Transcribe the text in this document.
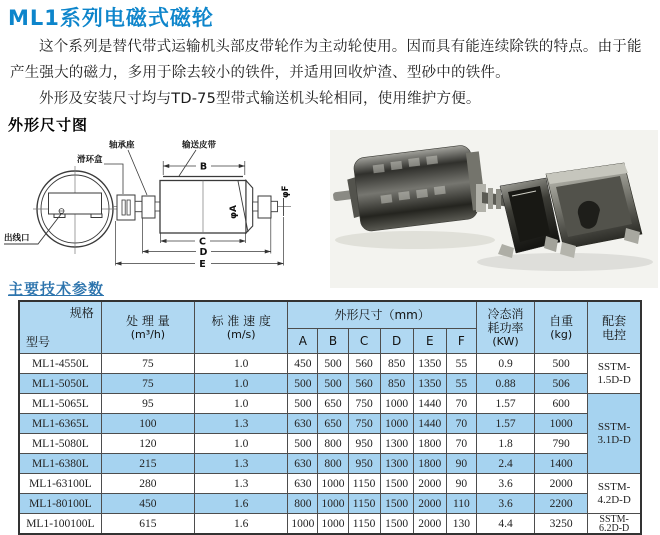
ML1系列电磁式磁轮

这个系列是替代带式运输机头部皮带轮作为主动轮使用。因而具有能连续除铁的特点。由于能产生强大的磁力，多用于除去较小的铁件，并适用回收炉渣、型砂中的铁件。

外形及安装尺寸均与TD-75型带式输送机头轮相同，使用维护方便。

外形尺寸图
出线口
滑环盒
轴承座	输送皮带
B
C
D
E
φA
φF
主要技术参数
规格
型号

处 理 量
(m³/h)

标 准 速 度
(m/s)
	外形尺寸（mm）	冷态消
耗功率
(KW)

自重
(kg)

配套
电控

			A	B	C	D	E	F			
ML1-4550L	75	1.0	450	500	560	850	1350	55	0.9	500	SSTM-
1.5D-D

ML1-5050L	75	1.0	500	500	560	850	1350	55	0.88	506	
ML1-5065L	95	1.0	500	650	750	1000	1440	70	1.57	600	SSTM-
3.1D-D

ML1-6365L	100	1.3	630	650	750	1000	1440	70	1.57	1000	
ML1-5080L	120	1.0	500	800	950	1300	1800	70	1.8	790	
ML1-6380L	215	1.3	630	800	950	1300	1800	90	2.4	1400	
ML1-63100L	280	1.3	630	1000	1150	1500	2000	90	3.6	2000	SSTM-
4.2D-D

ML1-80100L	450	1.6	800	1000	1150	1500	2000	110	3.6	2200	
ML1-100100L	615	1.6	1000	1000	1150	1500	2000	130	4.4	3250	SSTM-
6.2D-D
